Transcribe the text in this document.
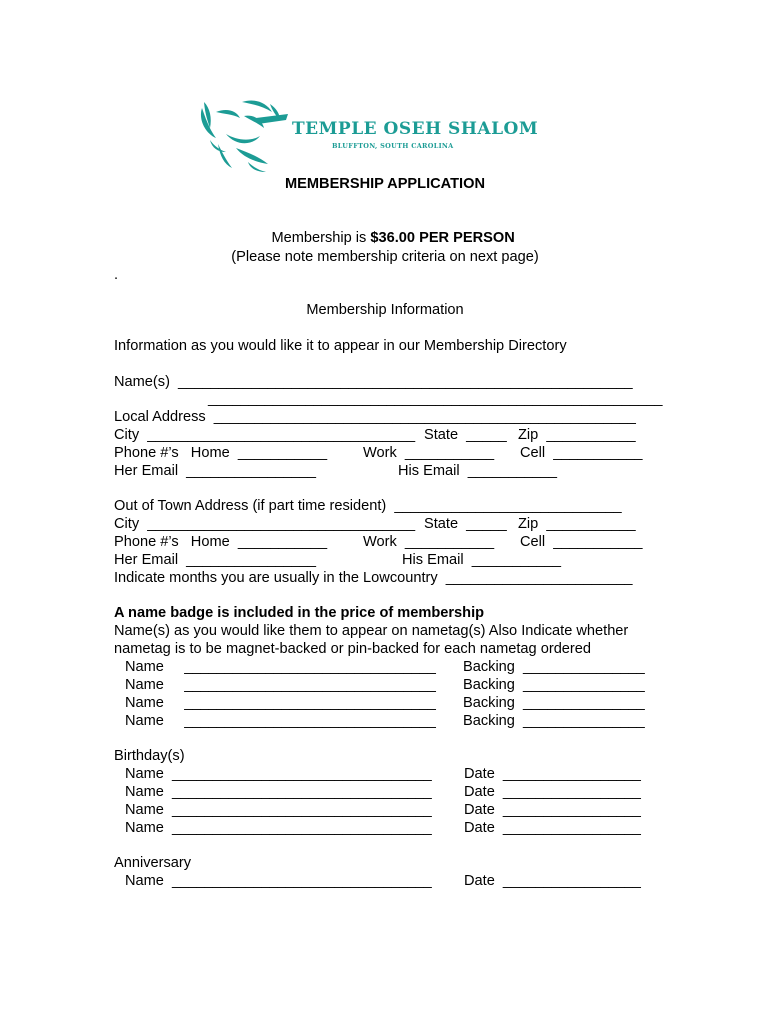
TEMPLE OSEH SHALOM
BLUFFTON, SOUTH CAROLINA
MEMBERSHIP APPLICATION

Membership is $36.00 PER PERSON

(Please note membership criteria on next page)
.
Membership Information
Information as you would like it to appear in our Membership Directory
Name(s)  ________________________________________________________
________________________________________________________
Local Address  ____________________________________________________
City  _________________________________ State  _____ Zip  ___________
Phone #’s   Home  ___________ Work  ___________ Cell  ___________
Her Email  ________________	His Email  ___________
Out of Town Address (if part time resident)  ____________________________
City  _________________________________ State  _____ Zip  ___________
Phone #’s   Home  ___________ Work  ___________ Cell  ___________
Her Email  ________________	His Email  ___________
Indicate months you are usually in the Lowcountry  _______________________
A name badge is included in the price of membership
Name(s) as you would like them to appear on nametag(s) Also Indicate whether
nametag is to be magnet-backed or pin-backed for each nametag ordered
Name     _______________________________ Backing  _______________
Name     _______________________________ Backing  _______________
Name     _______________________________ Backing  _______________
Name     _______________________________ Backing  _______________
Birthday(s)
Name  ________________________________ Date  _________________
Name  ________________________________ Date  _________________
Name  ________________________________ Date  _________________
Name  ________________________________ Date  _________________
Anniversary
Name  ________________________________ Date  _________________
